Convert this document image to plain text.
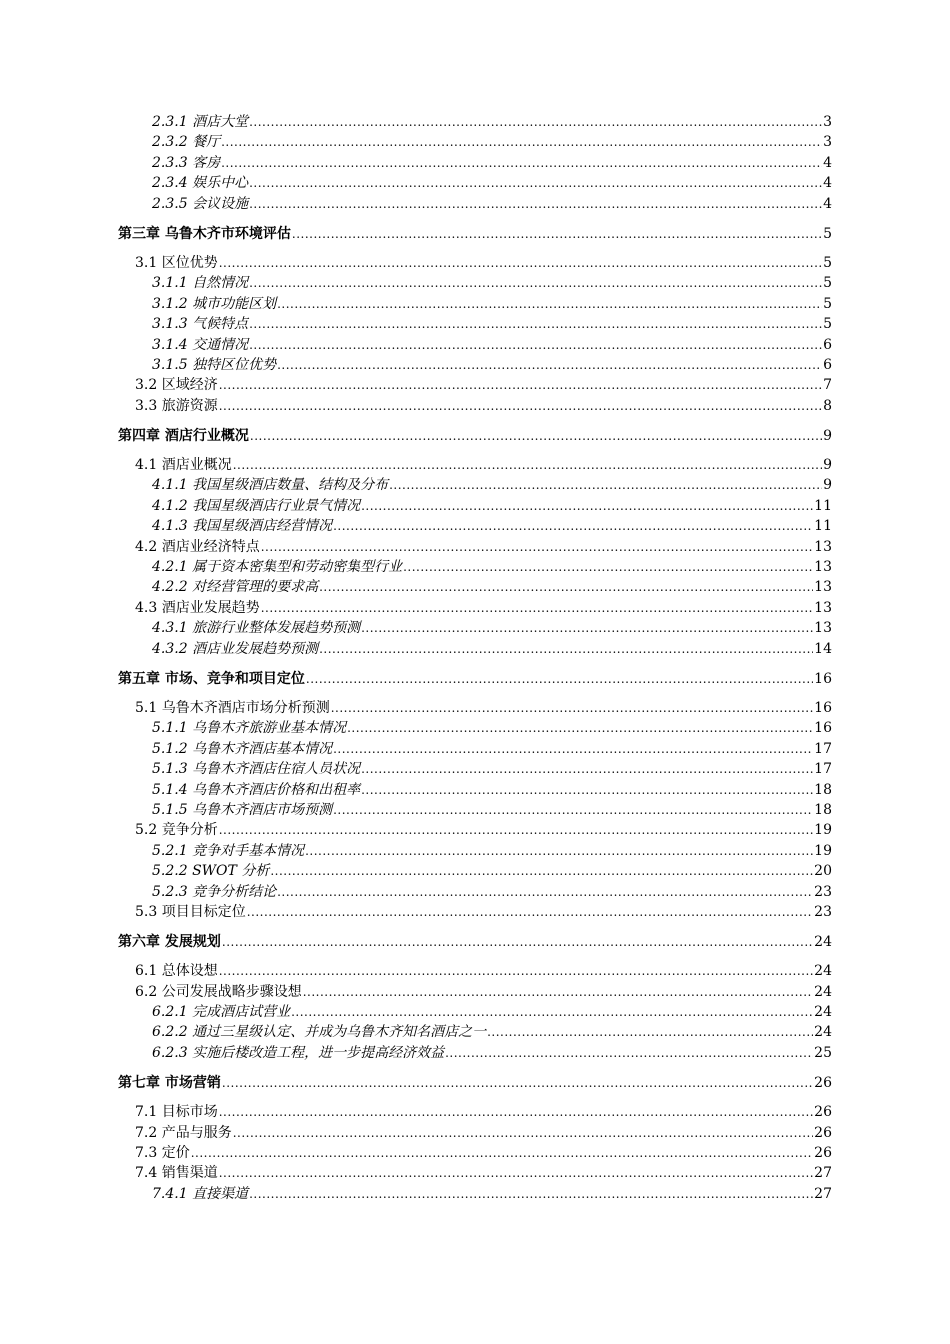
2.3.1 酒店大堂 .....	3
2.3.2 餐厅 .....	3
2.3.3 客房 .....	4
2.3.4 娱乐中心 .....	4
2.3.5 会议设施 .....	4
第三章 乌鲁木齐市环境评估 .....	5
3.1 区位优势 .....	5
3.1.1 自然情况 .....	5
3.1.2 城市功能区划 .....	5
3.1.3 气候特点 .....	5
3.1.4 交通情况 .....	6
3.1.5 独特区位优势 .....	6
3.2 区域经济 .....	7
3.3 旅游资源 .....	8
第四章 酒店行业概况 .....	9
4.1 酒店业概况 .....	9
4.1.1 我国星级酒店数量、结构及分布 .....	9
4.1.2 我国星级酒店行业景气情况 .....	11
4.1.3 我国星级酒店经营情况 .....	11
4.2 酒店业经济特点 .....	13
4.2.1 属于资本密集型和劳动密集型行业 .....	13
4.2.2 对经营管理的要求高 .....	13
4.3 酒店业发展趋势 .....	13
4.3.1 旅游行业整体发展趋势预测 .....	13
4.3.2 酒店业发展趋势预测 .....	14
第五章 市场、竞争和项目定位 .....	16
5.1 乌鲁木齐酒店市场分析预测 .....	16
5.1.1 乌鲁木齐旅游业基本情况 .....	16
5.1.2 乌鲁木齐酒店基本情况 .....	17
5.1.3 乌鲁木齐酒店住宿人员状况 .....	17
5.1.4 乌鲁木齐酒店价格和出租率 .....	18
5.1.5 乌鲁木齐酒店市场预测 .....	18
5.2 竞争分析 .....	19
5.2.1 竞争对手基本情况 .....	19
5.2.2 SWOT 分析 .....	20
5.2.3 竞争分析结论 .....	23
5.3 项目目标定位 .....	23
第六章 发展规划 .....	24
6.1 总体设想 .....	24
6.2 公司发展战略步骤设想 .....	24
6.2.1 完成酒店试营业 .....	24
6.2.2 通过三星级认定、并成为乌鲁木齐知名酒店之一 .....	24
6.2.3 实施后楼改造工程，进一步提高经济效益 .....	25
第七章 市场营销 .....	26
7.1 目标市场 .....	26
7.2 产品与服务 .....	26
7.3 定价 .....	26
7.4 销售渠道 .....	27
7.4.1 直接渠道 .....	27
